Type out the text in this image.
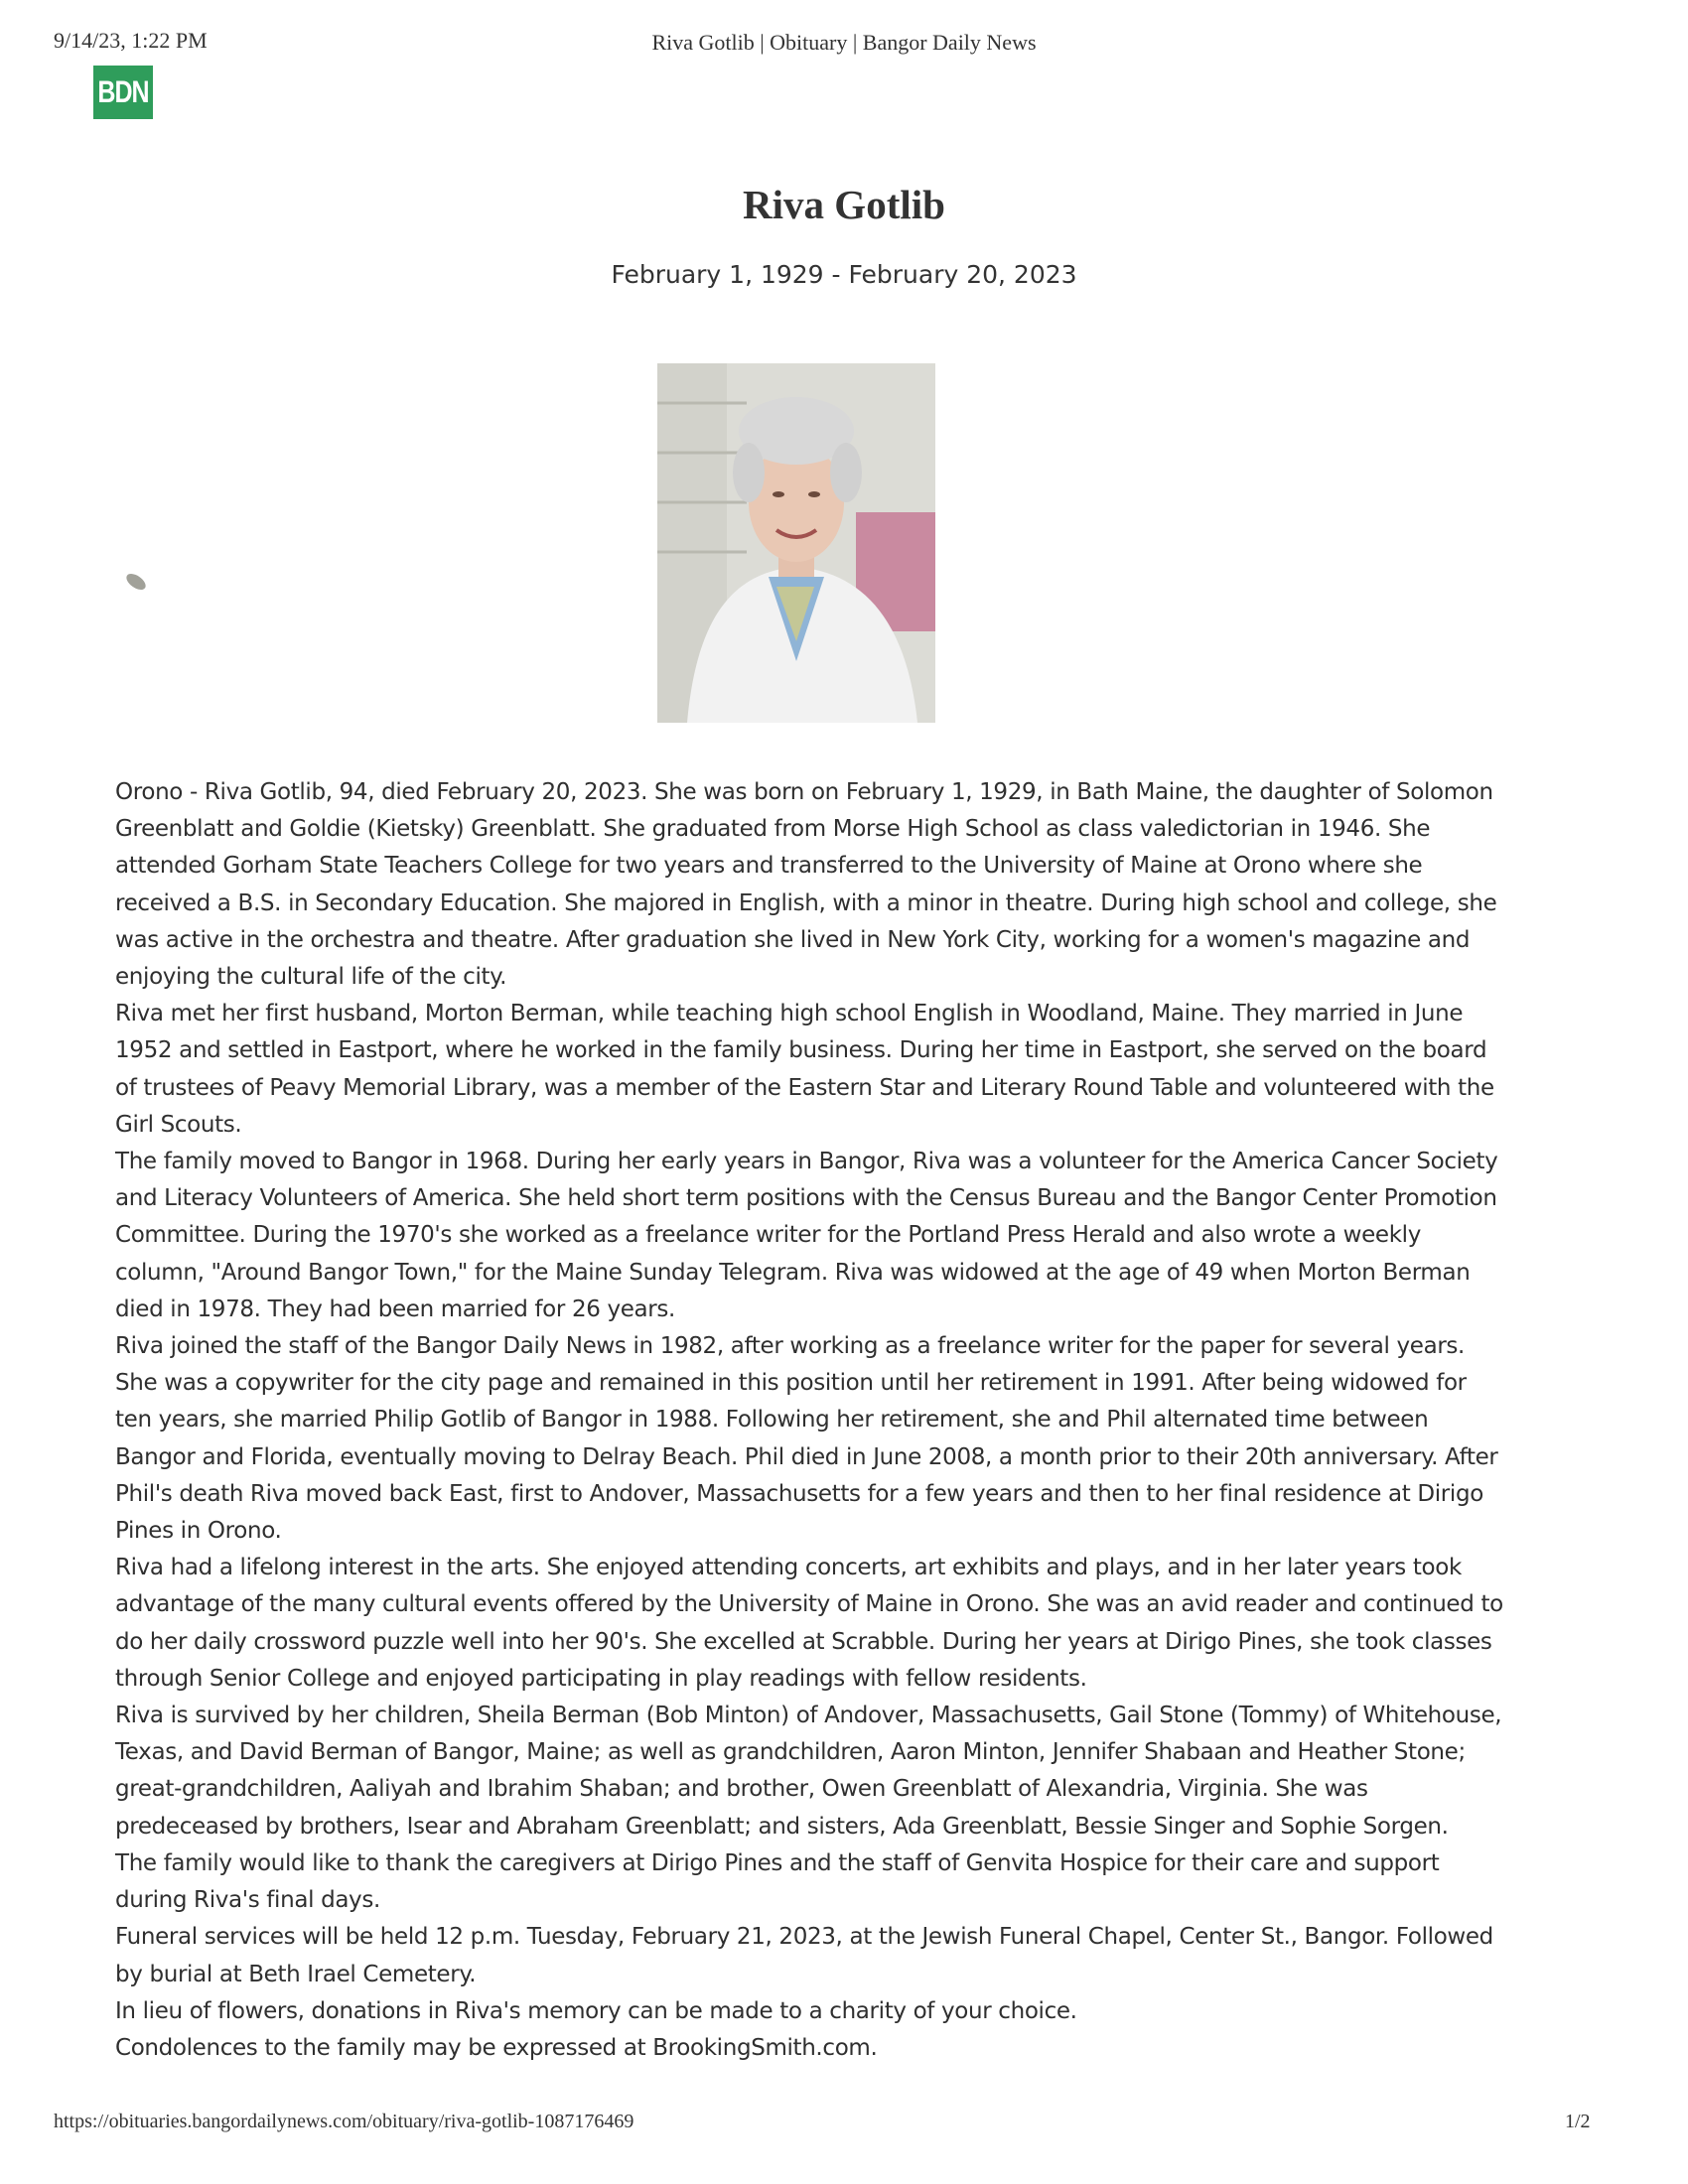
9/14/23, 1:22 PM	Riva Gotlib | Obituary | Bangor Daily News
BDN
Riva Gotlib
February 1, 1929 - February 20, 2023

Orono - Riva Gotlib, 94, died February 20, 2023. She was born on February 1, 1929, in Bath Maine, the daughter of Solomon Greenblatt and Goldie (Kietsky) Greenblatt. She graduated from Morse High School as class valedictorian in 1946. She attended Gorham State Teachers College for two years and transferred to the University of Maine at Orono where she received a B.S. in Secondary Education. She majored in English, with a minor in theatre. During high school and college, she was active in the orchestra and theatre. After graduation she lived in New York City, working for a women's magazine and enjoying the cultural life of the city.

Riva met her first husband, Morton Berman, while teaching high school English in Woodland, Maine. They married in June 1952 and settled in Eastport, where he worked in the family business. During her time in Eastport, she served on the board of trustees of Peavy Memorial Library, was a member of the Eastern Star and Literary Round Table and volunteered with the Girl Scouts.

The family moved to Bangor in 1968. During her early years in Bangor, Riva was a volunteer for the America Cancer Society and Literacy Volunteers of America. She held short term positions with the Census Bureau and the Bangor Center Promotion Committee. During the 1970's she worked as a freelance writer for the Portland Press Herald and also wrote a weekly column, "Around Bangor Town," for the Maine Sunday Telegram. Riva was widowed at the age of 49 when Morton Berman died in 1978. They had been married for 26 years.

Riva joined the staff of the Bangor Daily News in 1982, after working as a freelance writer for the paper for several years. She was a copywriter for the city page and remained in this position until her retirement in 1991. After being widowed for ten years, she married Philip Gotlib of Bangor in 1988. Following her retirement, she and Phil alternated time between Bangor and Florida, eventually moving to Delray Beach. Phil died in June 2008, a month prior to their 20th anniversary. After Phil's death Riva moved back East, first to Andover, Massachusetts for a few years and then to her final residence at Dirigo Pines in Orono.

Riva had a lifelong interest in the arts. She enjoyed attending concerts, art exhibits and plays, and in her later years took advantage of the many cultural events offered by the University of Maine in Orono. She was an avid reader and continued to do her daily crossword puzzle well into her 90's. She excelled at Scrabble. During her years at Dirigo Pines, she took classes through Senior College and enjoyed participating in play readings with fellow residents.

Riva is survived by her children, Sheila Berman (Bob Minton) of Andover, Massachusetts, Gail Stone (Tommy) of Whitehouse, Texas, and David Berman of Bangor, Maine; as well as grandchildren, Aaron Minton, Jennifer Shabaan and Heather Stone; great-grandchildren, Aaliyah and Ibrahim Shaban; and brother, Owen Greenblatt of Alexandria, Virginia. She was predeceased by brothers, Isear and Abraham Greenblatt; and sisters, Ada Greenblatt, Bessie Singer and Sophie Sorgen.

The family would like to thank the caregivers at Dirigo Pines and the staff of Genvita Hospice for their care and support during Riva's final days.

Funeral services will be held 12 p.m. Tuesday, February 21, 2023, at the Jewish Funeral Chapel, Center St., Bangor. Followed by burial at Beth Irael Cemetery.

In lieu of flowers, donations in Riva's memory can be made to a charity of your choice.

Condolences to the family may be expressed at BrookingSmith.com.

https://obituaries.bangordailynews.com/obituary/riva-gotlib-1087176469	1/2
